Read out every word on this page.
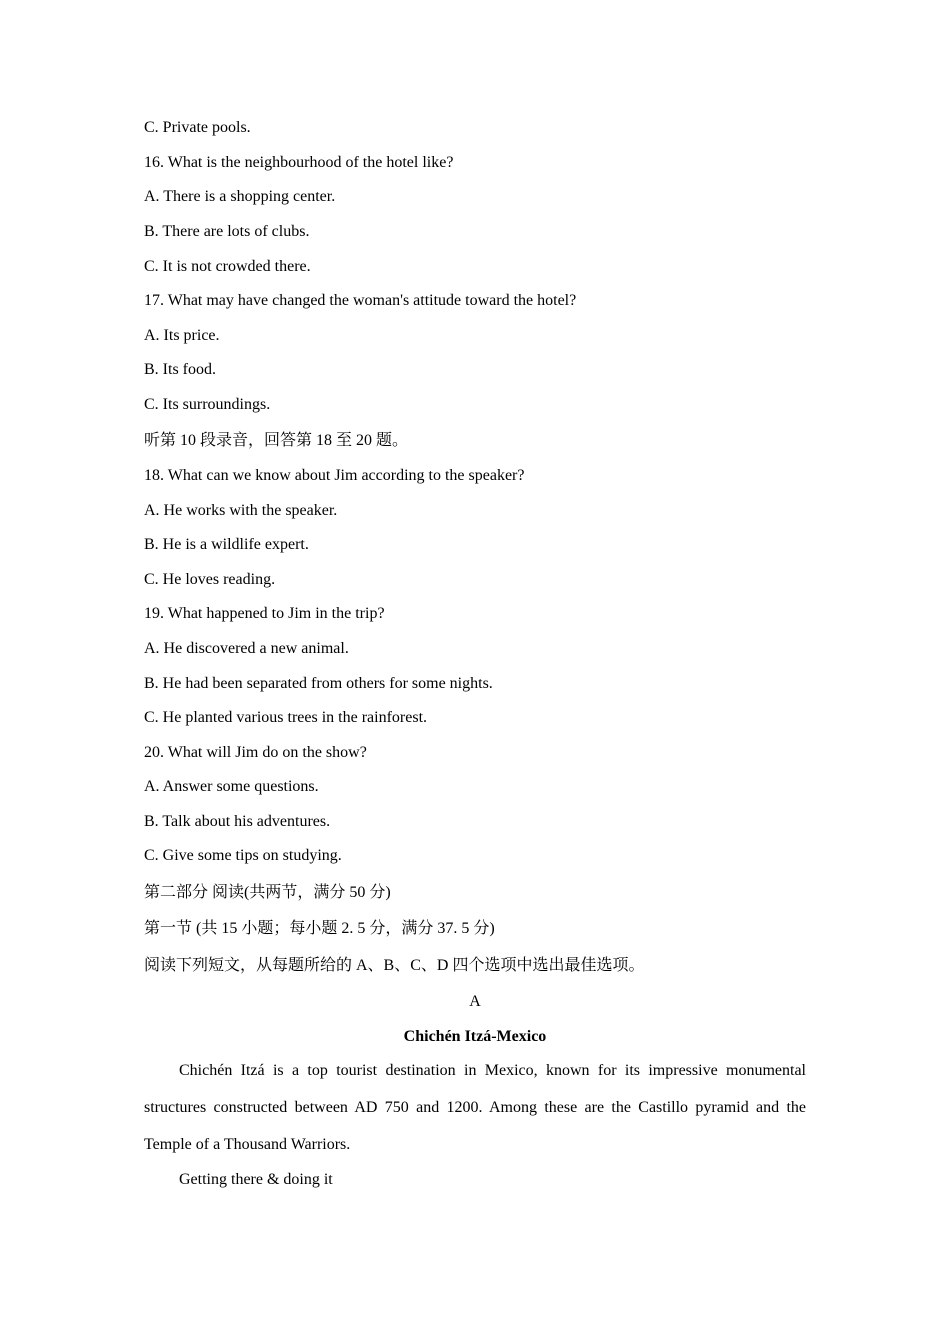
C. Private pools.
16. What is the neighbourhood of the hotel like?
A. There is a shopping center.
B. There are lots of clubs.
C. It is not crowded there.
17. What may have changed the woman's attitude toward the hotel?
A. Its price.
B. Its food.
C. Its surroundings.
听第 10 段录音，回答第 18 至 20 题。
18. What can we know about Jim according to the speaker?
A. He works with the speaker.
B. He is a wildlife expert.
C. He loves reading.
19. What happened to Jim in the trip?
A. He discovered a new animal.
B. He had been separated from others for some nights.
C. He planted various trees in the rainforest.
20. What will Jim do on the show?
A. Answer some questions.
B. Talk about his adventures.
C. Give some tips on studying.
第二部分 阅读(共两节，满分 50 分)
第一节 (共 15 小题；每小题 2. 5 分，满分 37. 5 分)
阅读下列短文，从每题所给的 A、B、C、D 四个选项中选出最佳选项。
A
Chichén Itzá-Mexico
Chichén Itzá is a top tourist destination in Mexico, known for its impressive monumental structures constructed between AD 750 and 1200. Among these are the Castillo pyramid and the Temple of a Thousand Warriors.
Getting there & doing it
